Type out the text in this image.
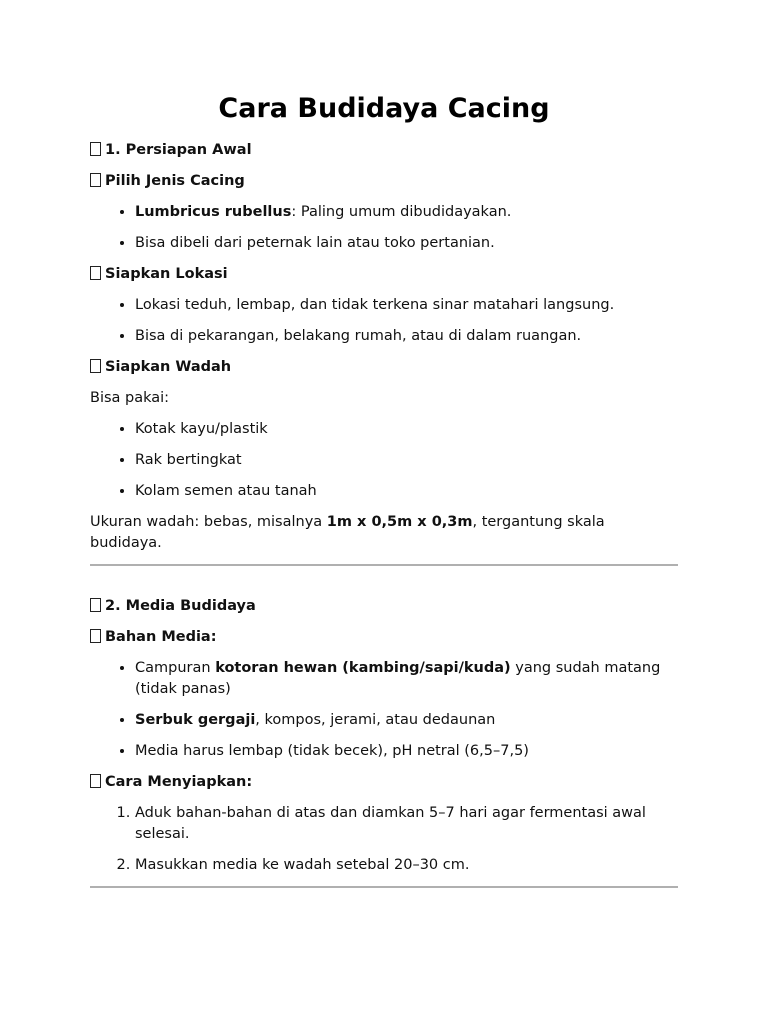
Cara Budidaya Cacing
1. Persiapan Awal
Pilih Jenis Cacing
• Lumbricus rubellus: Paling umum dibudidayakan.
• Bisa dibeli dari peternak lain atau toko pertanian.
Siapkan Lokasi
• Lokasi teduh, lembap, dan tidak terkena sinar matahari langsung.
• Bisa di pekarangan, belakang rumah, atau di dalam ruangan.
Siapkan Wadah
Bisa pakai:
• Kotak kayu/plastik
• Rak bertingkat
• Kolam semen atau tanah
Ukuran wadah: bebas, misalnya 1m x 0,5m x 0,3m, tergantung skala budidaya.
2. Media Budidaya
Bahan Media:
• Campuran kotoran hewan (kambing/sapi/kuda) yang sudah matang (tidak panas)
• Serbuk gergaji, kompos, jerami, atau dedaunan
• Media harus lembap (tidak becek), pH netral (6,5–7,5)
Cara Menyiapkan:
1. Aduk bahan-bahan di atas dan diamkan 5–7 hari agar fermentasi awal selesai.
2. Masukkan media ke wadah setebal 20–30 cm.
